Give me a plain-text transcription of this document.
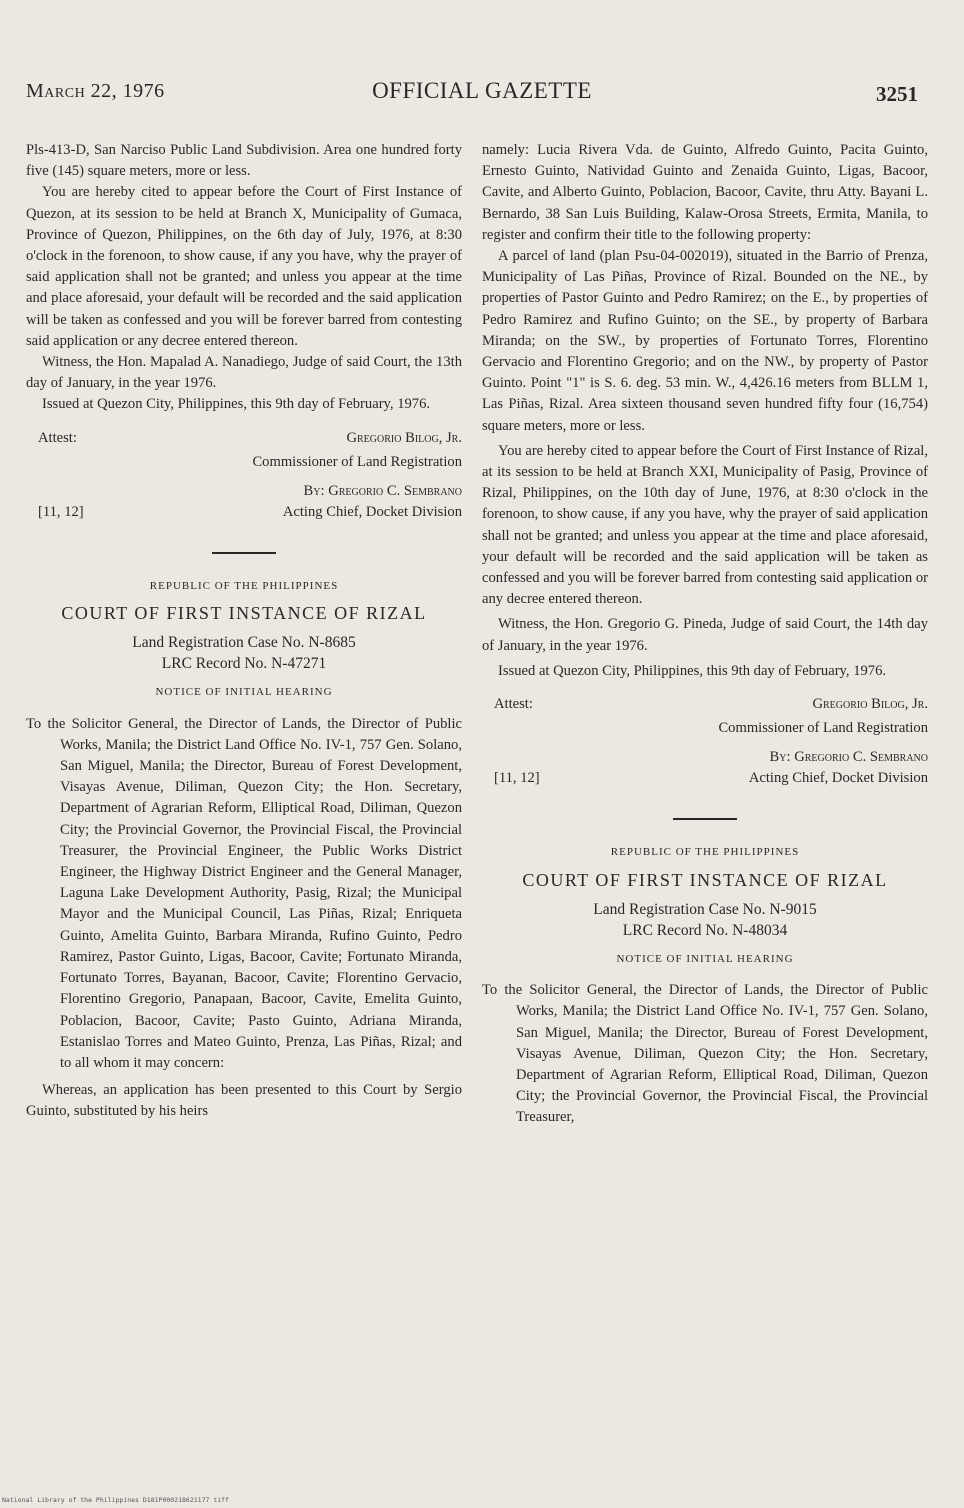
March 22, 1976	OFFICIAL GAZETTE	3251

Pls-413-D, San Narciso Public Land Subdivision. Area one hundred forty five (145) square meters, more or less.

You are hereby cited to appear before the Court of First Instance of Quezon, at its session to be held at Branch X, Municipality of Gumaca, Province of Quezon, Philippines, on the 6th day of July, 1976, at 8:30 o'clock in the forenoon, to show cause, if any you have, why the prayer of said application shall not be granted; and unless you appear at the time and place aforesaid, your default will be recorded and the said application will be taken as confessed and you will be forever barred from contesting said application or any decree entered thereon.

Witness, the Hon. Mapalad A. Nanadiego, Judge of said Court, the 13th day of January, in the year 1976.

Issued at Quezon City, Philippines, this 9th day of February, 1976.

Attest:	Gregorio Bilog, Jr.
Commissioner of Land Registration
By: Gregorio C. Sembrano
[11, 12]	Acting Chief, Docket Division
REPUBLIC OF THE PHILIPPINES
COURT OF FIRST INSTANCE OF RIZAL
Land Registration Case No. N-8685
LRC Record No. N-47271
NOTICE OF INITIAL HEARING

To the Solicitor General, the Director of Lands, the Director of Public Works, Manila; the District Land Office No. IV-1, 757 Gen. Solano, San Miguel, Manila; the Director, Bureau of Forest Development, Visayas Avenue, Diliman, Quezon City; the Hon. Secretary, Department of Agrarian Reform, Elliptical Road, Diliman, Quezon City; the Provincial Governor, the Provincial Fiscal, the Provincial Treasurer, the Provincial Engineer, the Public Works District Engineer, the Highway District Engineer and the General Manager, Laguna Lake Development Authority, Pasig, Rizal; the Municipal Mayor and the Municipal Council, Las Piñas, Rizal; Enriqueta Guinto, Amelita Guinto, Barbara Miranda, Rufino Guinto, Pedro Ramirez, Pastor Guinto, Ligas, Bacoor, Cavite; Fortunato Miranda, Fortunato Torres, Bayanan, Bacoor, Cavite; Florentino Gervacio, Florentino Gregorio, Panapaan, Bacoor, Cavite, Emelita Guinto, Poblacion, Bacoor, Cavite; Pasto Guinto, Adriana Miranda, Estanislao Torres and Mateo Guinto, Prenza, Las Piñas, Rizal; and to all whom it may concern:

Whereas, an application has been presented to this Court by Sergio Guinto, substituted by his heirs

namely: Lucia Rivera Vda. de Guinto, Alfredo Guinto, Pacita Guinto, Ernesto Guinto, Natividad Guinto and Zenaida Guinto, Ligas, Bacoor, Cavite, and Alberto Guinto, Poblacion, Bacoor, Cavite, thru Atty. Bayani L. Bernardo, 38 San Luis Building, Kalaw-Orosa Streets, Ermita, Manila, to register and confirm their title to the following property:

A parcel of land (plan Psu-04-002019), situated in the Barrio of Prenza, Municipality of Las Piñas, Province of Rizal. Bounded on the NE., by properties of Pastor Guinto and Pedro Ramirez; on the E., by properties of Pedro Ramirez and Rufino Guinto; on the SE., by property of Barbara Miranda; on the SW., by properties of Fortunato Torres, Florentino Gervacio and Florentino Gregorio; and on the NW., by property of Pastor Guinto. Point "1" is S. 6. deg. 53 min. W., 4,426.16 meters from BLLM 1, Las Piñas, Rizal. Area sixteen thousand seven hundred fifty four (16,754) square meters, more or less.

You are hereby cited to appear before the Court of First Instance of Rizal, at its session to be held at Branch XXI, Municipality of Pasig, Province of Rizal, Philippines, on the 10th day of June, 1976, at 8:30 o'clock in the forenoon, to show cause, if any you have, why the prayer of said application shall not be granted; and unless you appear at the time and place aforesaid, your default will be recorded and the said application will be taken as confessed and you will be forever barred from contesting said application or any decree entered thereon.

Witness, the Hon. Gregorio G. Pineda, Judge of said Court, the 14th day of January, in the year 1976.

Issued at Quezon City, Philippines, this 9th day of February, 1976.

Attest:	Gregorio Bilog, Jr.
Commissioner of Land Registration
By: Gregorio C. Sembrano
[11, 12]	Acting Chief, Docket Division
REPUBLIC OF THE PHILIPPINES
COURT OF FIRST INSTANCE OF RIZAL
Land Registration Case No. N-9015
LRC Record No. N-48034
NOTICE OF INITIAL HEARING

To the Solicitor General, the Director of Lands, the Director of Public Works, Manila; the District Land Office No. IV-1, 757 Gen. Solano, San Miguel, Manila; the Director, Bureau of Forest Development, Visayas Avenue, Diliman, Quezon City; the Hon. Secretary, Department of Agrarian Reform, Elliptical Road, Diliman, Quezon City; the Provincial Governor, the Provincial Fiscal, the Provincial Treasurer,

National Library of the Philippines D181P000218621177 tiff
